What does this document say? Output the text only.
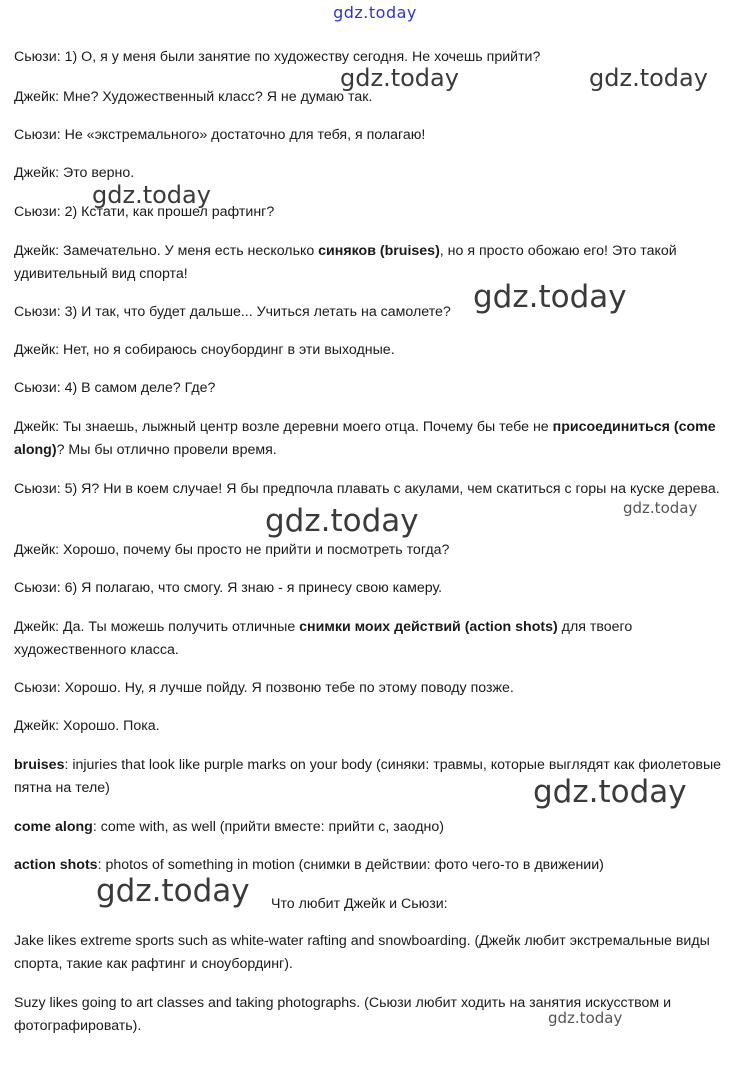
gdz.today
Сьюзи: 1) О, я у меня были занятие по художеству сегодня. Не хочешь прийти?
Джейк: Мне? Художественный класс? Я не думаю так.
Сьюзи: Не «экстремального» достаточно для тебя, я полагаю!
Джейк: Это верно.
Сьюзи: 2) Кстати, как прошел рафтинг?
Джейк: Замечательно. У меня есть несколько синяков (bruises), но я просто обожаю его! Это такой удивительный вид спорта!
Сьюзи: 3) И так, что будет дальше... Учиться летать на самолете?
Джейк: Нет, но я собираюсь сноубординг в эти выходные.
Сьюзи: 4) В самом деле? Где?
Джейк: Ты знаешь, лыжный центр возле деревни моего отца. Почему бы тебе не присоединиться (come along)? Мы бы отлично провели время.
Сьюзи: 5) Я? Ни в коем случае! Я бы предпочла плавать с акулами, чем скатиться с горы на куске дерева.
Джейк: Хорошо, почему бы просто не прийти и посмотреть тогда?
Сьюзи: 6) Я полагаю, что смогу. Я знаю - я принесу свою камеру.
Джейк: Да. Ты можешь получить отличные снимки моих действий (action shots) для твоего художественного класса.
Сьюзи: Хорошо. Ну, я лучше пойду. Я позвоню тебе по этому поводу позже.
Джейк: Хорошо. Пока.
bruises: injuries that look like purple marks on your body (синяки: травмы, которые выглядят как фиолетовые пятна на теле)
come along: come with, as well (прийти вместе: прийти с, заодно)
action shots: photos of something in motion (снимки в действии: фото чего-то в движении)
Что любит Джейк и Сьюзи:
Jake likes extreme sports such as white-water rafting and snowboarding. (Джейк любит экстремальные виды спорта, такие как рафтинг и сноубординг).
Suzy likes going to art classes and taking photographs. (Сьюзи любит ходить на занятия искусством и фотографировать).
gdz.today	gdz.today
gdz.today
gdz.today
gdz.today	gdz.today
gdz.today
gdz.today
gdz.today
